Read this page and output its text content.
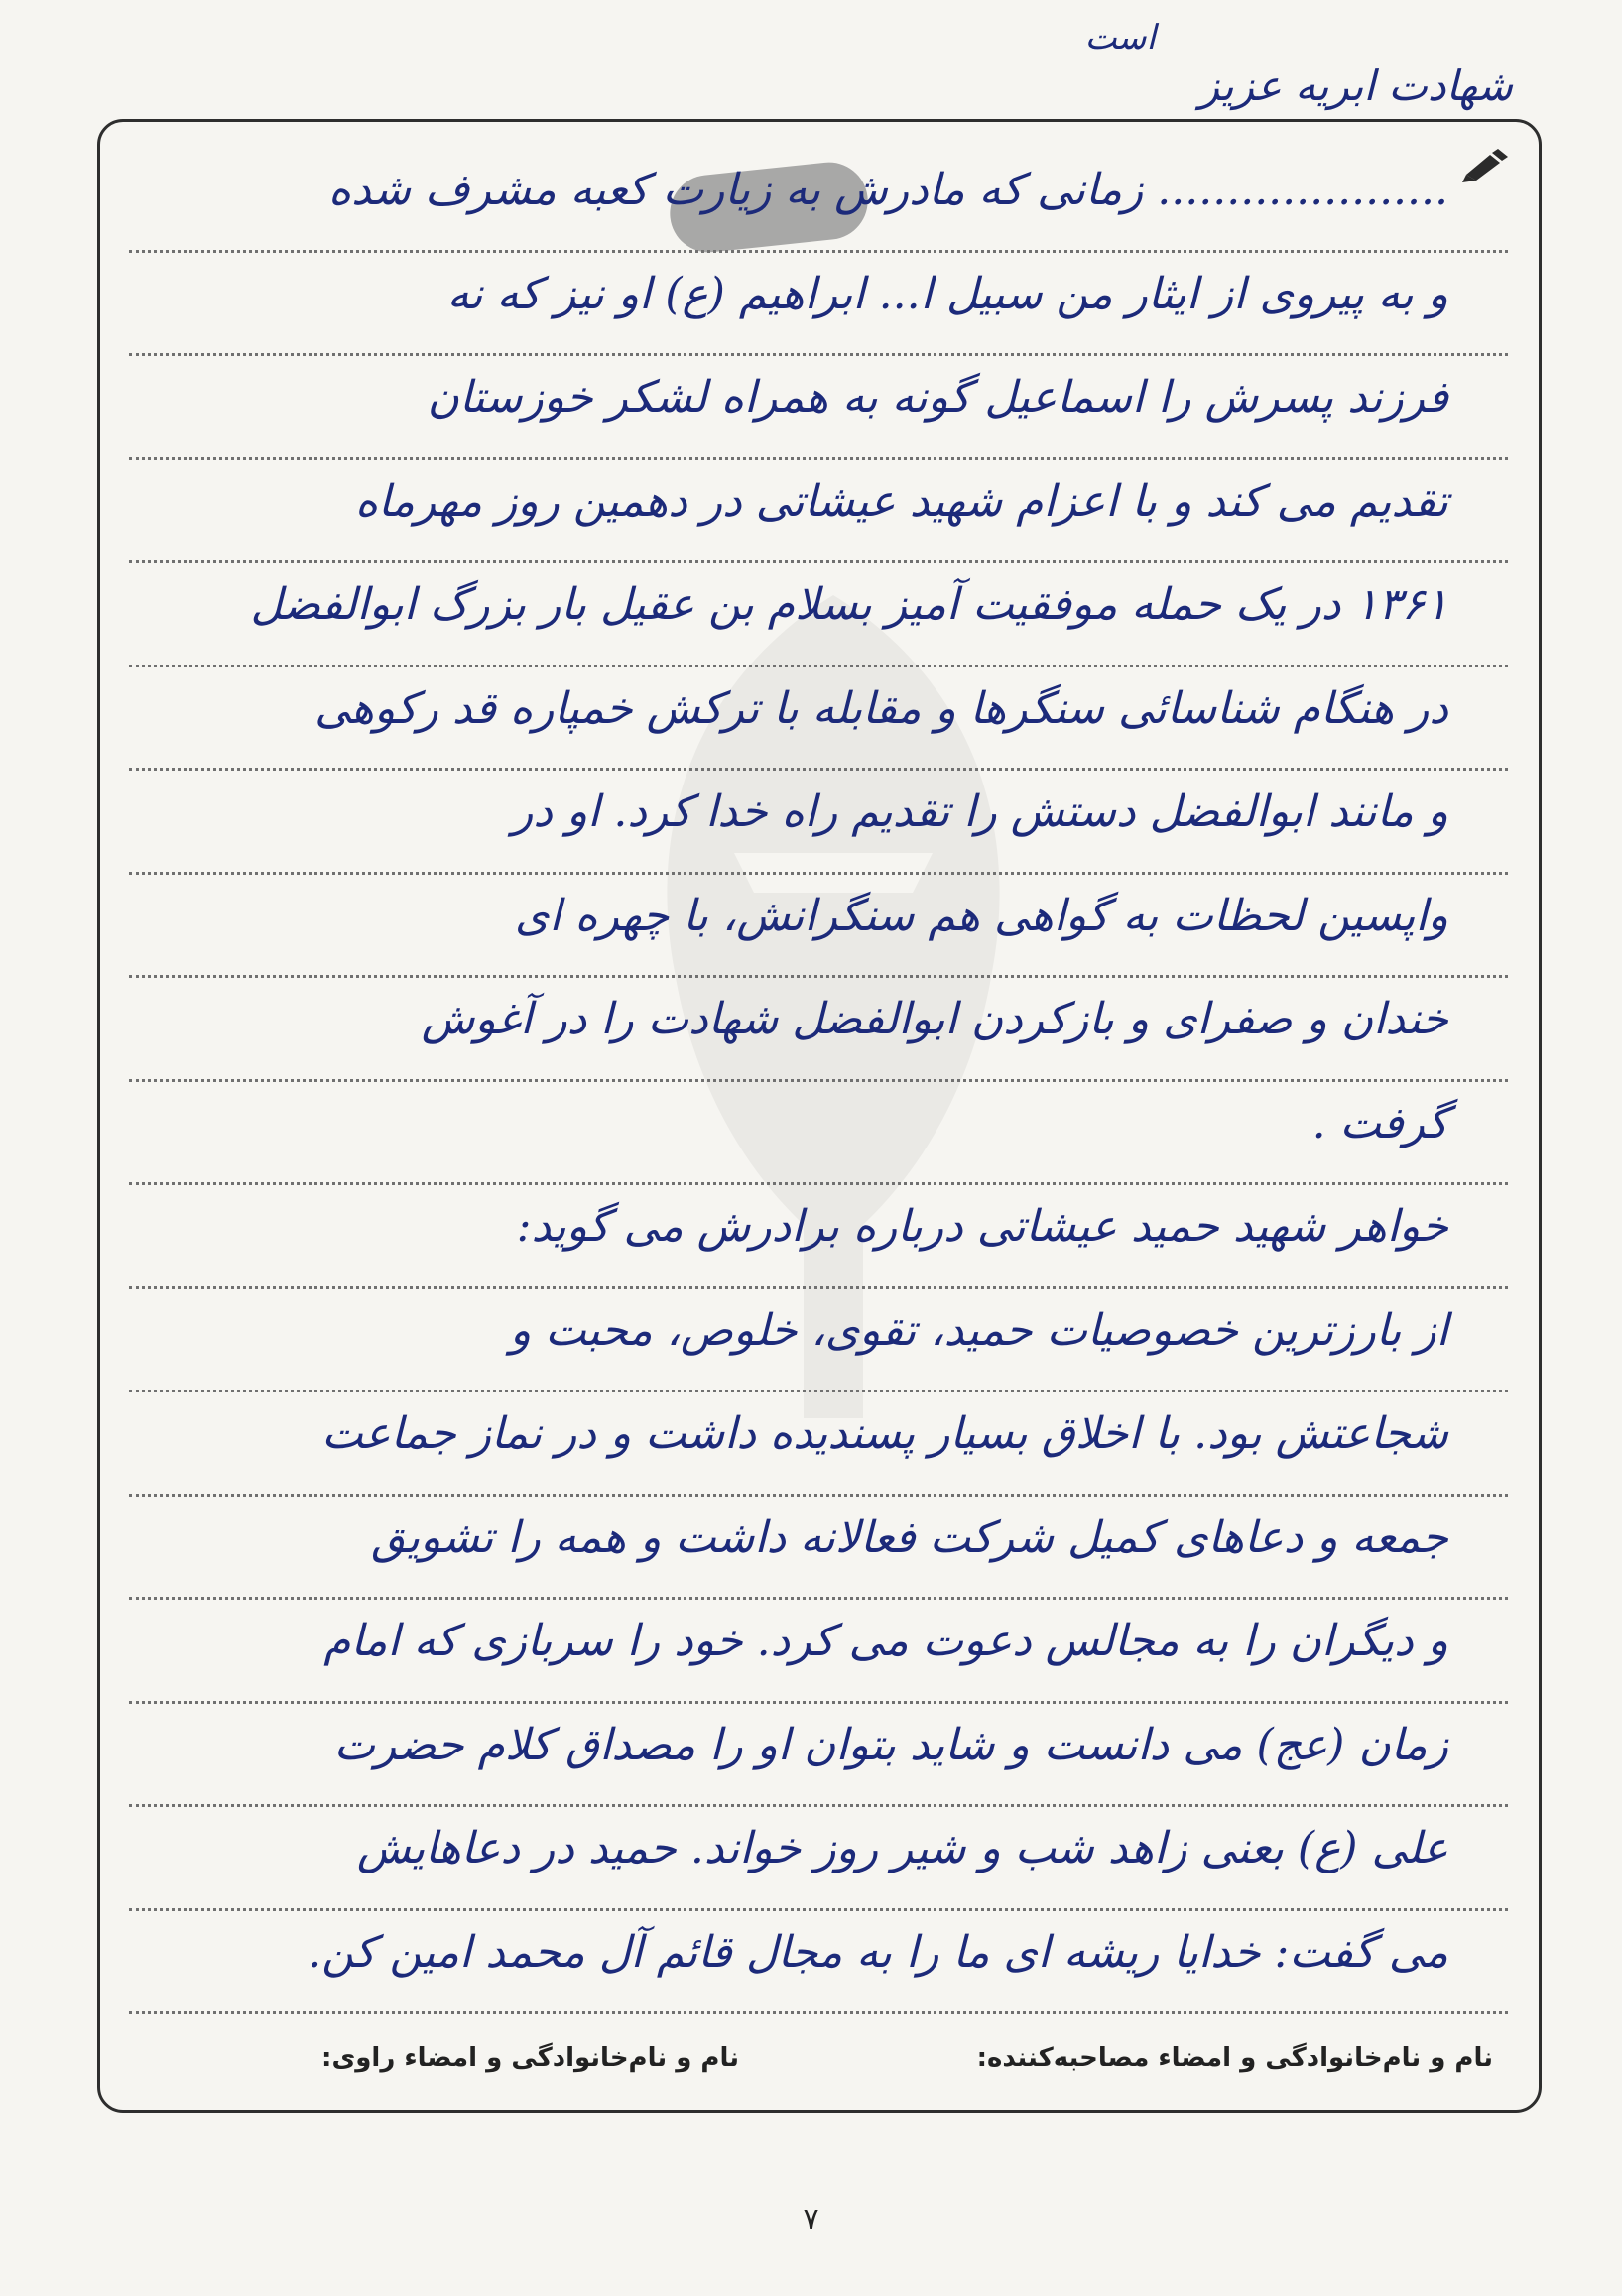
است
شهادت ابریه عزیز
..................... زمانی که مادرش به زیارت کعبه مشرف شده
و به پیروی از ایثار من سبیل ا... ابراهیم (ع) او نیز که نه
فرزند پسرش را اسماعیل گونه به همراه لشکر خوزستان
تقدیم می کند و با اعزام شهید عیشاتی در دهمین روز مهرماه
۱۳۶۱ در یک حمله موفقیت آمیز بسلام بن عقیل بار بزرگ ابوالفضل
در هنگام شناسائی سنگرها و مقابله با ترکش خمپاره قد رکوهی
و مانند ابوالفضل دستش را تقدیم راه خدا کرد. او در
واپسین لحظات به گواهی هم سنگرانش، با چهره ای
خندان و صفرای و بازکردن ابوالفضل شهادت را در آغوش
گرفت .
خواهر شهید حمید عیشاتی درباره برادرش می گوید:
از بارزترین خصوصیات حمید، تقوی، خلوص، محبت و
شجاعتش بود. با اخلاق بسیار پسندیده داشت و در نماز جماعت
جمعه و دعاهای کمیل شرکت فعالانه داشت و همه را تشویق
و دیگران را به مجالس دعوت می کرد. خود را سربازی که امام
زمان (عج) می دانست و شاید بتوان او را مصداق کلام حضرت
علی (ع) بعنی زاهد شب و شیر روز خواند. حمید در دعاهایش
می گفت: خدایا ریشه ای ما را به مجال قائم آل محمد امین کن.
نام و نام‌خانوادگی و امضاء مصاحبه‌کننده:
نام و نام‌خانوادگی و امضاء راوی:
۷
